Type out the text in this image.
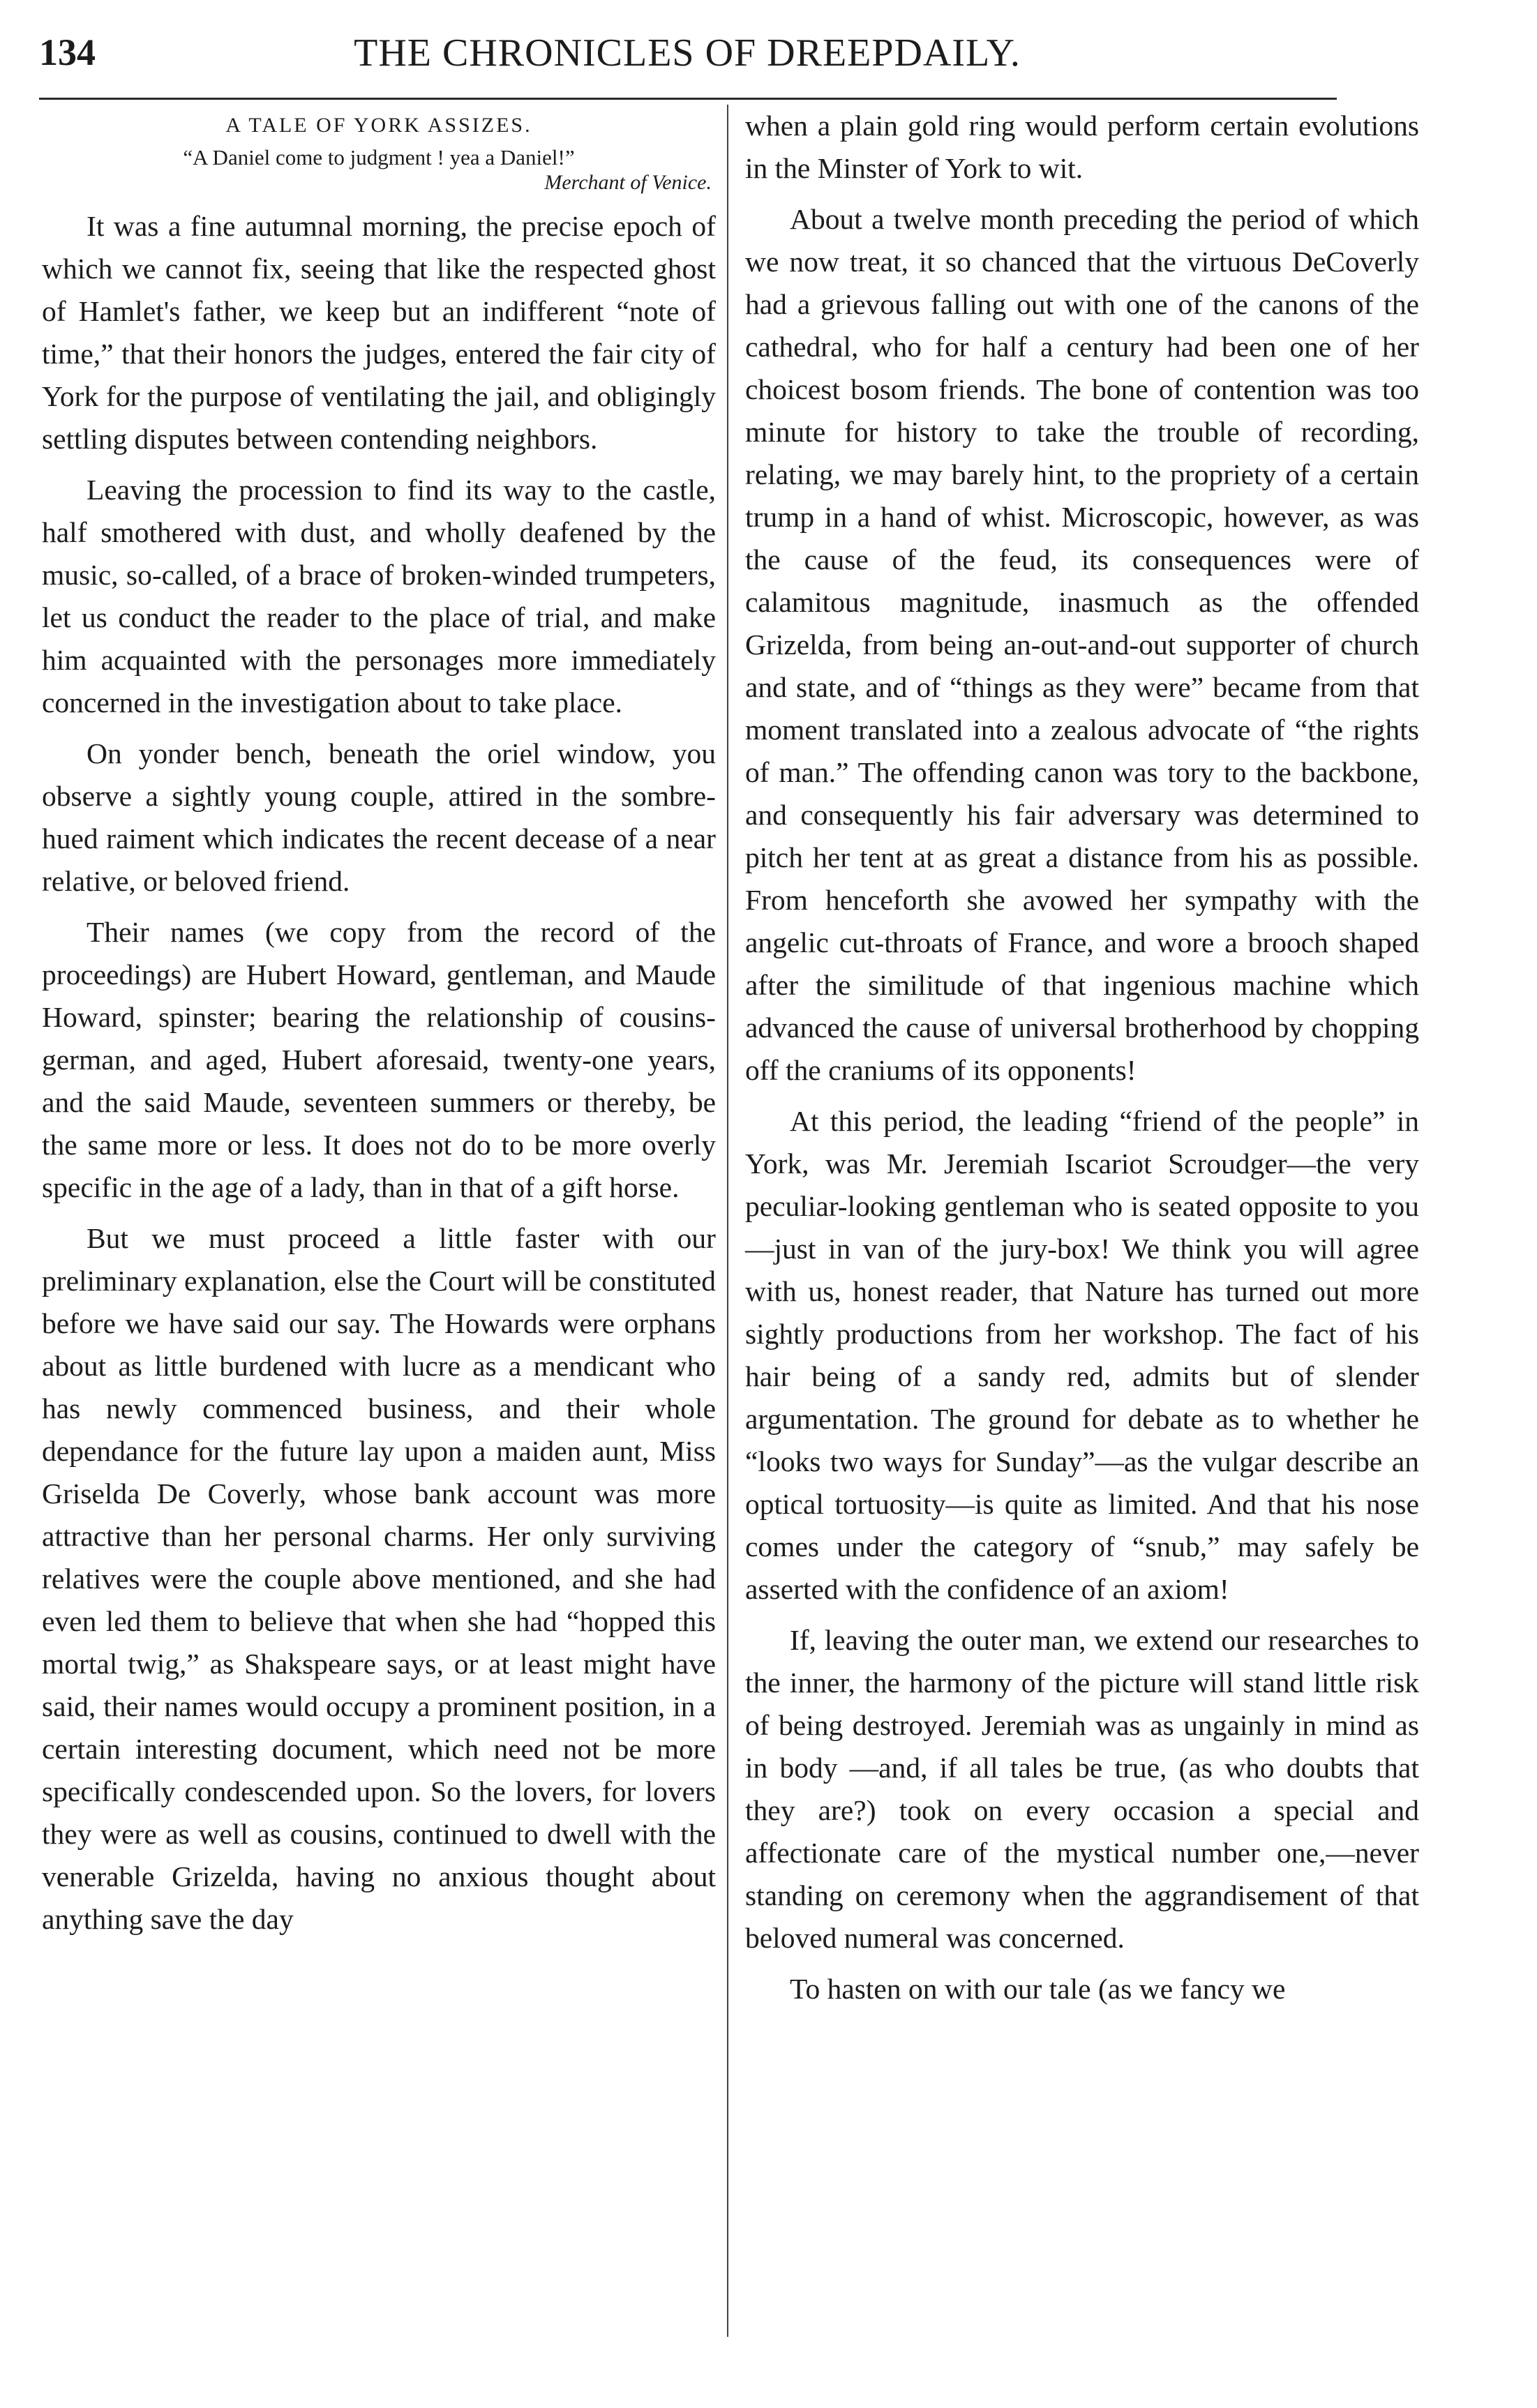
134	THE CHRONICLES OF DREEPDAILY.
A TALE OF YORK ASSIZES.
“A Daniel come to judgment ! yea a Daniel!”
Merchant of Venice.

It was a fine autumnal morning, the precise epoch of which we cannot fix, seeing that like the respected ghost of Hamlet's father, we keep but an indifferent “note of time,” that their honors the judges, entered the fair city of York for the purpose of ventilating the jail, and obligingly settling disputes between contending neighbors.

Leaving the procession to find its way to the castle, half smothered with dust, and wholly deafened by the music, so-called, of a brace of broken-winded trumpeters, let us conduct the reader to the place of trial, and make him acquainted with the personages more immediately concerned in the investigation about to take place.

On yonder bench, beneath the oriel window, you observe a sightly young couple, attired in the sombre-hued raiment which indicates the recent decease of a near relative, or beloved friend.

Their names (we copy from the record of the proceedings) are Hubert Howard, gentleman, and Maude Howard, spinster; bearing the relationship of cousins-german, and aged, Hubert aforesaid, twenty-one years, and the said Maude, seventeen summers or thereby, be the same more or less. It does not do to be more overly specific in the age of a lady, than in that of a gift horse.

But we must proceed a little faster with our preliminary explanation, else the Court will be constituted before we have said our say. The Howards were orphans about as little burdened with lucre as a mendicant who has newly commenced business, and their whole dependance for the future lay upon a maiden aunt, Miss Griselda De Coverly, whose bank account was more attractive than her personal charms. Her only surviving relatives were the couple above mentioned, and she had even led them to believe that when she had “hopped this mortal twig,” as Shakspeare says, or at least might have said, their names would occupy a prominent position, in a certain interesting document, which need not be more specifically condescended upon. So the lovers, for lovers they were as well as cousins, continued to dwell with the venerable Grizelda, having no anxious thought about anything save the day

when a plain gold ring would perform certain evolutions in the Minster of York to wit.

About a twelve month preceding the period of which we now treat, it so chanced that the virtuous DeCoverly had a grievous falling out with one of the canons of the cathedral, who for half a century had been one of her choicest bosom friends. The bone of contention was too minute for history to take the trouble of recording, relating, we may barely hint, to the propriety of a certain trump in a hand of whist. Microscopic, however, as was the cause of the feud, its consequences were of calamitous magnitude, inasmuch as the offended Grizelda, from being an-out-and-out supporter of church and state, and of “things as they were” became from that moment translated into a zealous advocate of “the rights of man.” The offending canon was tory to the backbone, and consequently his fair adversary was determined to pitch her tent at as great a distance from his as possible. From henceforth she avowed her sympathy with the angelic cut-throats of France, and wore a brooch shaped after the similitude of that ingenious machine which advanced the cause of universal brotherhood by chopping off the craniums of its opponents!

At this period, the leading “friend of the people” in York, was Mr. Jeremiah Iscariot Scroudger—the very peculiar-looking gentleman who is seated opposite to you—just in van of the jury-box! We think you will agree with us, honest reader, that Nature has turned out more sightly productions from her workshop. The fact of his hair being of a sandy red, admits but of slender argumentation. The ground for debate as to whether he “looks two ways for Sunday”—as the vulgar describe an optical tortuosity—is quite as limited. And that his nose comes under the category of “snub,” may safely be asserted with the confidence of an axiom!

If, leaving the outer man, we extend our researches to the inner, the harmony of the picture will stand little risk of being destroyed. Jeremiah was as ungainly in mind as in body —and, if all tales be true, (as who doubts that they are?) took on every occasion a special and affectionate care of the mystical number one,—never standing on ceremony when the aggrandisement of that beloved numeral was concerned.

To hasten on with our tale (as we fancy we
